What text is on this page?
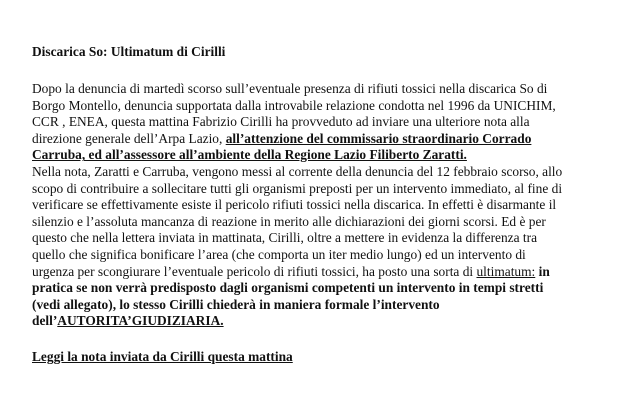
Discarica So: Ultimatum di Cirilli
Dopo la denuncia di martedì scorso sull’eventuale presenza di rifiuti tossici nella discarica So di
Borgo Montello, denuncia supportata dalla introvabile relazione condotta nel 1996 da UNICHIM,
CCR , ENEA, questa mattina Fabrizio Cirilli ha provveduto ad inviare una ulteriore nota alla
direzione generale dell’Arpa Lazio, all’attenzione del commissario straordinario Corrado
Carruba, ed all’assessore all’ambiente della Regione Lazio Filiberto Zaratti.
Nella nota, Zaratti e Carruba, vengono messi al corrente della denuncia del 12 febbraio scorso, allo
scopo di contribuire a sollecitare tutti gli organismi preposti per un intervento immediato, al fine di
verificare se effettivamente esiste il pericolo rifiuti tossici nella discarica. In effetti è disarmante il
silenzio e l’assoluta mancanza di reazione in merito alle dichiarazioni dei giorni scorsi. Ed è per
questo che nella lettera inviata in mattinata, Cirilli, oltre a mettere in evidenza la differenza tra
quello che significa bonificare l’area (che comporta un iter medio lungo) ed un intervento di
urgenza per scongiurare l’eventuale pericolo di rifiuti tossici, ha posto una sorta di ultimatum: in
pratica se non verrà predisposto dagli organismi competenti un intervento in tempi stretti
(vedi allegato), lo stesso Cirilli chiederà in maniera formale l’intervento
dell’AUTORITA’GIUDIZIARIA.
Leggi la nota inviata da Cirilli questa mattina
